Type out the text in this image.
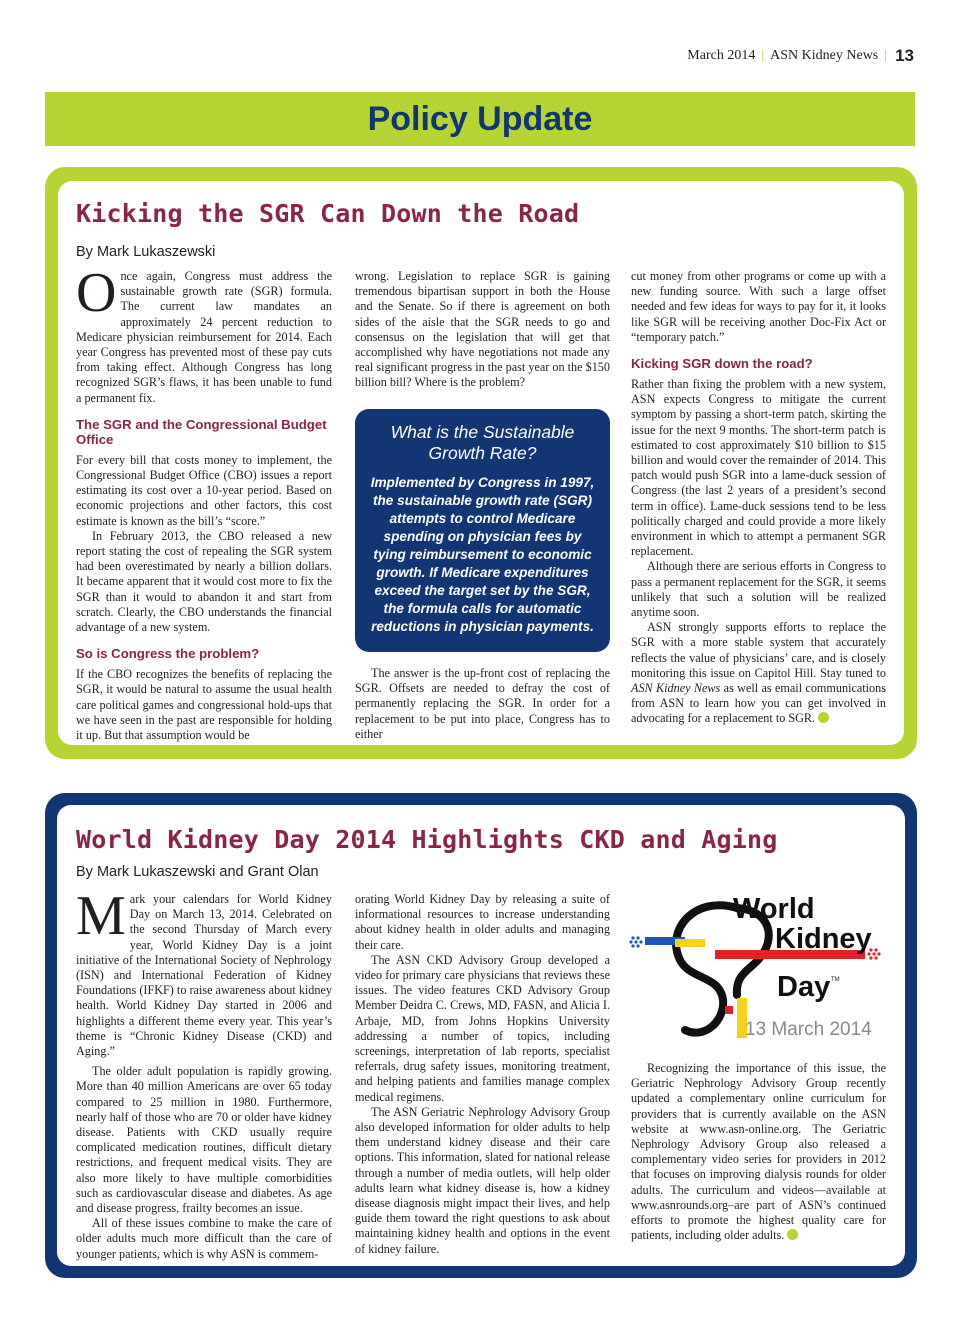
March 2014 | ASN Kidney News | 13
Policy Update
Kicking the SGR Can Down the Road
By Mark Lukaszewski

Once again, Congress must address the sustainable growth rate (SGR) formula. The current law mandates an approximately 24 percent reduction to Medicare physician reimbursement for 2014. Each year Congress has prevented most of these pay cuts from taking effect. Although Congress has long recognized SGR’s flaws, it has been unable to fund a permanent fix.

The SGR and the Congressional Budget Office

For every bill that costs money to implement, the Congressional Budget Office (CBO) issues a report estimating its cost over a 10-year period. Based on economic projections and other factors, this cost estimate is known as the bill’s “score.”

In February 2013, the CBO released a new report stating the cost of repealing the SGR system had been overestimated by nearly a billion dollars. It became apparent that it would cost more to fix the SGR than it would to abandon it and start from scratch. Clearly, the CBO understands the financial advantage of a new system.

So is Congress the problem?

If the CBO recognizes the benefits of replacing the SGR, it would be natural to assume the usual health care political games and congressional hold-ups that we have seen in the past are responsible for holding it up. But that assumption would be

wrong. Legislation to replace SGR is gaining tremendous bipartisan support in both the House and the Senate. So if there is agreement on both sides of the aisle that the SGR needs to go and consensus on the legislation that will get that accomplished why have negotiations not made any real significant progress in the past year on the $150 billion bill? Where is the problem?

What is the Sustainable Growth Rate?
Implemented by Congress in 1997, the sustainable growth rate (SGR) attempts to control Medicare spending on physician fees by tying reimbursement to economic growth. If Medicare expenditures exceed the target set by the SGR, the formula calls for automatic reductions in physician payments.

The answer is the up-front cost of replacing the SGR. Offsets are needed to defray the cost of permanently replacing the SGR. In order for a replacement to be put into place, Congress has to either

cut money from other programs or come up with a new funding source. With such a large offset needed and few ideas for ways to pay for it, it looks like SGR will be receiving another Doc-Fix Act or “temporary patch.”

Kicking SGR down the road?

Rather than fixing the problem with a new system, ASN expects Congress to mitigate the current symptom by passing a short-term patch, skirting the issue for the next 9 months. The short-term patch is estimated to cost approximately $10 billion to $15 billion and would cover the remainder of 2014. This patch would push SGR into a lame-duck session of Congress (the last 2 years of a president’s second term in office). Lame-duck sessions tend to be less politically charged and could provide a more likely environment in which to attempt a permanent SGR replacement.

Although there are serious efforts in Congress to pass a permanent replacement for the SGR, it seems unlikely that such a solution will be realized anytime soon.

ASN strongly supports efforts to replace the SGR with a more stable system that accurately reflects the value of physicians’ care, and is closely monitoring this issue on Capitol Hill. Stay tuned to ASN Kidney News as well as email communications from ASN to learn how you can get involved in advocating for a replacement to SGR.

World Kidney Day 2014 Highlights CKD and Aging
By Mark Lukaszewski and Grant Olan

Mark your calendars for World Kidney Day on March 13, 2014. Celebrated on the second Thursday of March every year, World Kidney Day is a joint initiative of the International Society of Nephrology (ISN) and International Federation of Kidney Foundations (IFKF) to raise awareness about kidney health. World Kidney Day started in 2006 and highlights a different theme every year. This year’s theme is “Chronic Kidney Disease (CKD) and Aging.”

The older adult population is rapidly growing. More than 40 million Americans are over 65 today compared to 25 million in 1980. Furthermore, nearly half of those who are 70 or older have kidney disease. Patients with CKD usually require complicated medication routines, difficult dietary restrictions, and frequent medical visits. They are also more likely to have multiple comorbidities such as cardiovascular disease and diabetes. As age and disease progress, frailty becomes an issue.

All of these issues combine to make the care of older adults much more difficult than the care of younger patients, which is why ASN is commem-

orating World Kidney Day by releasing a suite of informational resources to increase understanding about kidney health in older adults and managing their care.

The ASN CKD Advisory Group developed a video for primary care physicians that reviews these issues. The video features CKD Advisory Group Member Deidra C. Crews, MD, FASN, and Alicia I. Arbaje, MD, from Johns Hopkins University addressing a number of topics, including screenings, interpretation of lab reports, specialist referrals, drug safety issues, monitoring treatment, and helping patients and families manage complex medical regimens.

The ASN Geriatric Nephrology Advisory Group also developed information for older adults to help them understand kidney disease and their care options. This information, slated for national release through a number of media outlets, will help older adults learn what kidney disease is, how a kidney disease diagnosis might impact their lives, and help guide them toward the right questions to ask about maintaining kidney health and options in the event of kidney failure.

World
Kidney
Day TM
13 March 2014

Recognizing the importance of this issue, the Geriatric Nephrology Advisory Group recently updated a complementary online curriculum for providers that is currently available on the ASN website at www.asn-online.org. The Geriatric Nephrology Advisory Group also released a complementary video series for providers in 2012 that focuses on improving dialysis rounds for older adults. The curriculum and videos—available at www.asnrounds.org–are part of ASN’s continued efforts to promote the highest quality care for patients, including older adults.
